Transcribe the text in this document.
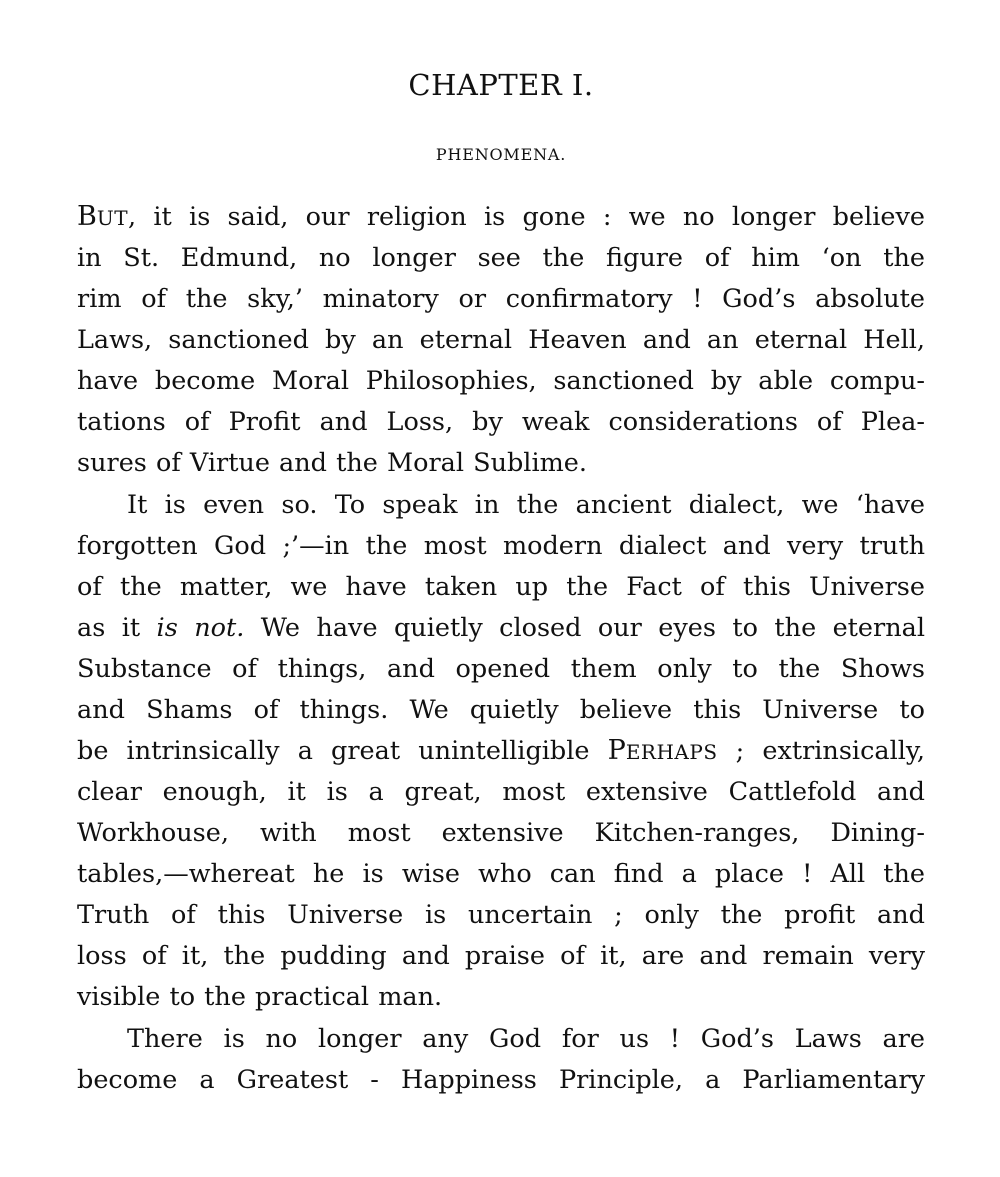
CHAPTER I.
PHENOMENA.
BUT, it is said, our religion is gone : we no longer believe
in St. Edmund, no longer see the figure of him ‘on the
rim of the sky,’ minatory or confirmatory ! God’s absolute
Laws, sanctioned by an eternal Heaven and an eternal Hell,
have become Moral Philosophies, sanctioned by able compu-
tations of Profit and Loss, by weak considerations of Plea-
sures of Virtue and the Moral Sublime.
It is even so. To speak in the ancient dialect, we ‘have
forgotten God ;’—in the most modern dialect and very truth
of the matter, we have taken up the Fact of this Universe
as it is not. We have quietly closed our eyes to the eternal
Substance of things, and opened them only to the Shows
and Shams of things. We quietly believe this Universe to
be intrinsically a great unintelligible PERHAPS ; extrinsically,
clear enough, it is a great, most extensive Cattlefold and
Workhouse, with most extensive Kitchen-ranges, Dining-
tables,—whereat he is wise who can find a place ! All the
Truth of this Universe is uncertain ; only the profit and
loss of it, the pudding and praise of it, are and remain very
visible to the practical man.
There is no longer any God for us ! God’s Laws are
become a Greatest - Happiness Principle, a Parliamentary
